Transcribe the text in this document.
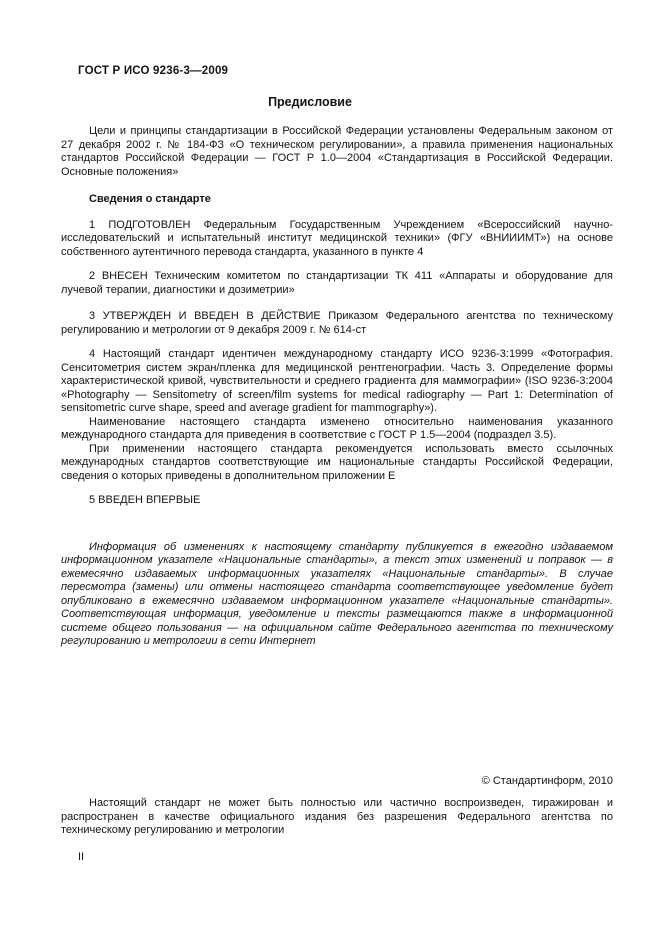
ГОСТ Р ИСО 9236-3—2009
Предисловие

Цели и принципы стандартизации в Российской Федерации установлены Федеральным законом от 27 декабря 2002 г. № 184-ФЗ «О техническом регулировании», а правила применения национальных стандартов Российской Федерации — ГОСТ Р 1.0—2004 «Стандартизация в Российской Федерации. Основные положения»

Сведения о стандарте

1 ПОДГОТОВЛЕН Федеральным Государственным Учреждением «Всероссийский научно-исследовательский и испытательный институт медицинской техники» (ФГУ «ВНИИИМТ») на основе собственного аутентичного перевода стандарта, указанного в пункте 4

2 ВНЕСЕН Техническим комитетом по стандартизации ТК 411 «Аппараты и оборудование для лучевой терапии, диагностики и дозиметрии»

3 УТВЕРЖДЕН И ВВЕДЕН В ДЕЙСТВИЕ Приказом Федерального агентства по техническому регулированию и метрологии от 9 декабря 2009 г. № 614-ст

4 Настоящий стандарт идентичен международному стандарту ИСО 9236-3:1999 «Фотография. Сенситометрия систем экран/пленка для медицинской рентгенографии. Часть 3. Определение формы характеристической кривой, чувствительности и среднего градиента для маммографии» (ISO 9236-3:2004 «Photography — Sensitometry of screen/film systems for medical radiography — Part 1: Determination of sensitometric curve shape, speed and average gradient for mammography»).

Наименование настоящего стандарта изменено относительно наименования указанного международного стандарта для приведения в соответствие с ГОСТ Р 1.5—2004 (подраздел 3.5).

При применении настоящего стандарта рекомендуется использовать вместо ссылочных международных стандартов соответствующие им национальные стандарты Российской Федерации, сведения о которых приведены в дополнительном приложении Е

5 ВВЕДЕН ВПЕРВЫЕ

Информация об изменениях к настоящему стандарту публикуется в ежегодно издаваемом информационном указателе «Национальные стандарты», а текст этих изменений и поправок — в ежемесячно издаваемых информационных указателях «Национальные стандарты». В случае пересмотра (замены) или отмены настоящего стандарта соответствующее уведомление будет опубликовано в ежемесячно издаваемом информационном указателе «Национальные стандарты». Соответствующая информация, уведомление и тексты размещаются также в информационной системе общего пользования — на официальном сайте Федерального агентства по техническому регулированию и метрологии в сети Интернет

© Стандартинформ, 2010

Настоящий стандарт не может быть полностью или частично воспроизведен, тиражирован и распространен в качестве официального издания без разрешения Федерального агентства по техническому регулированию и метрологии

II
